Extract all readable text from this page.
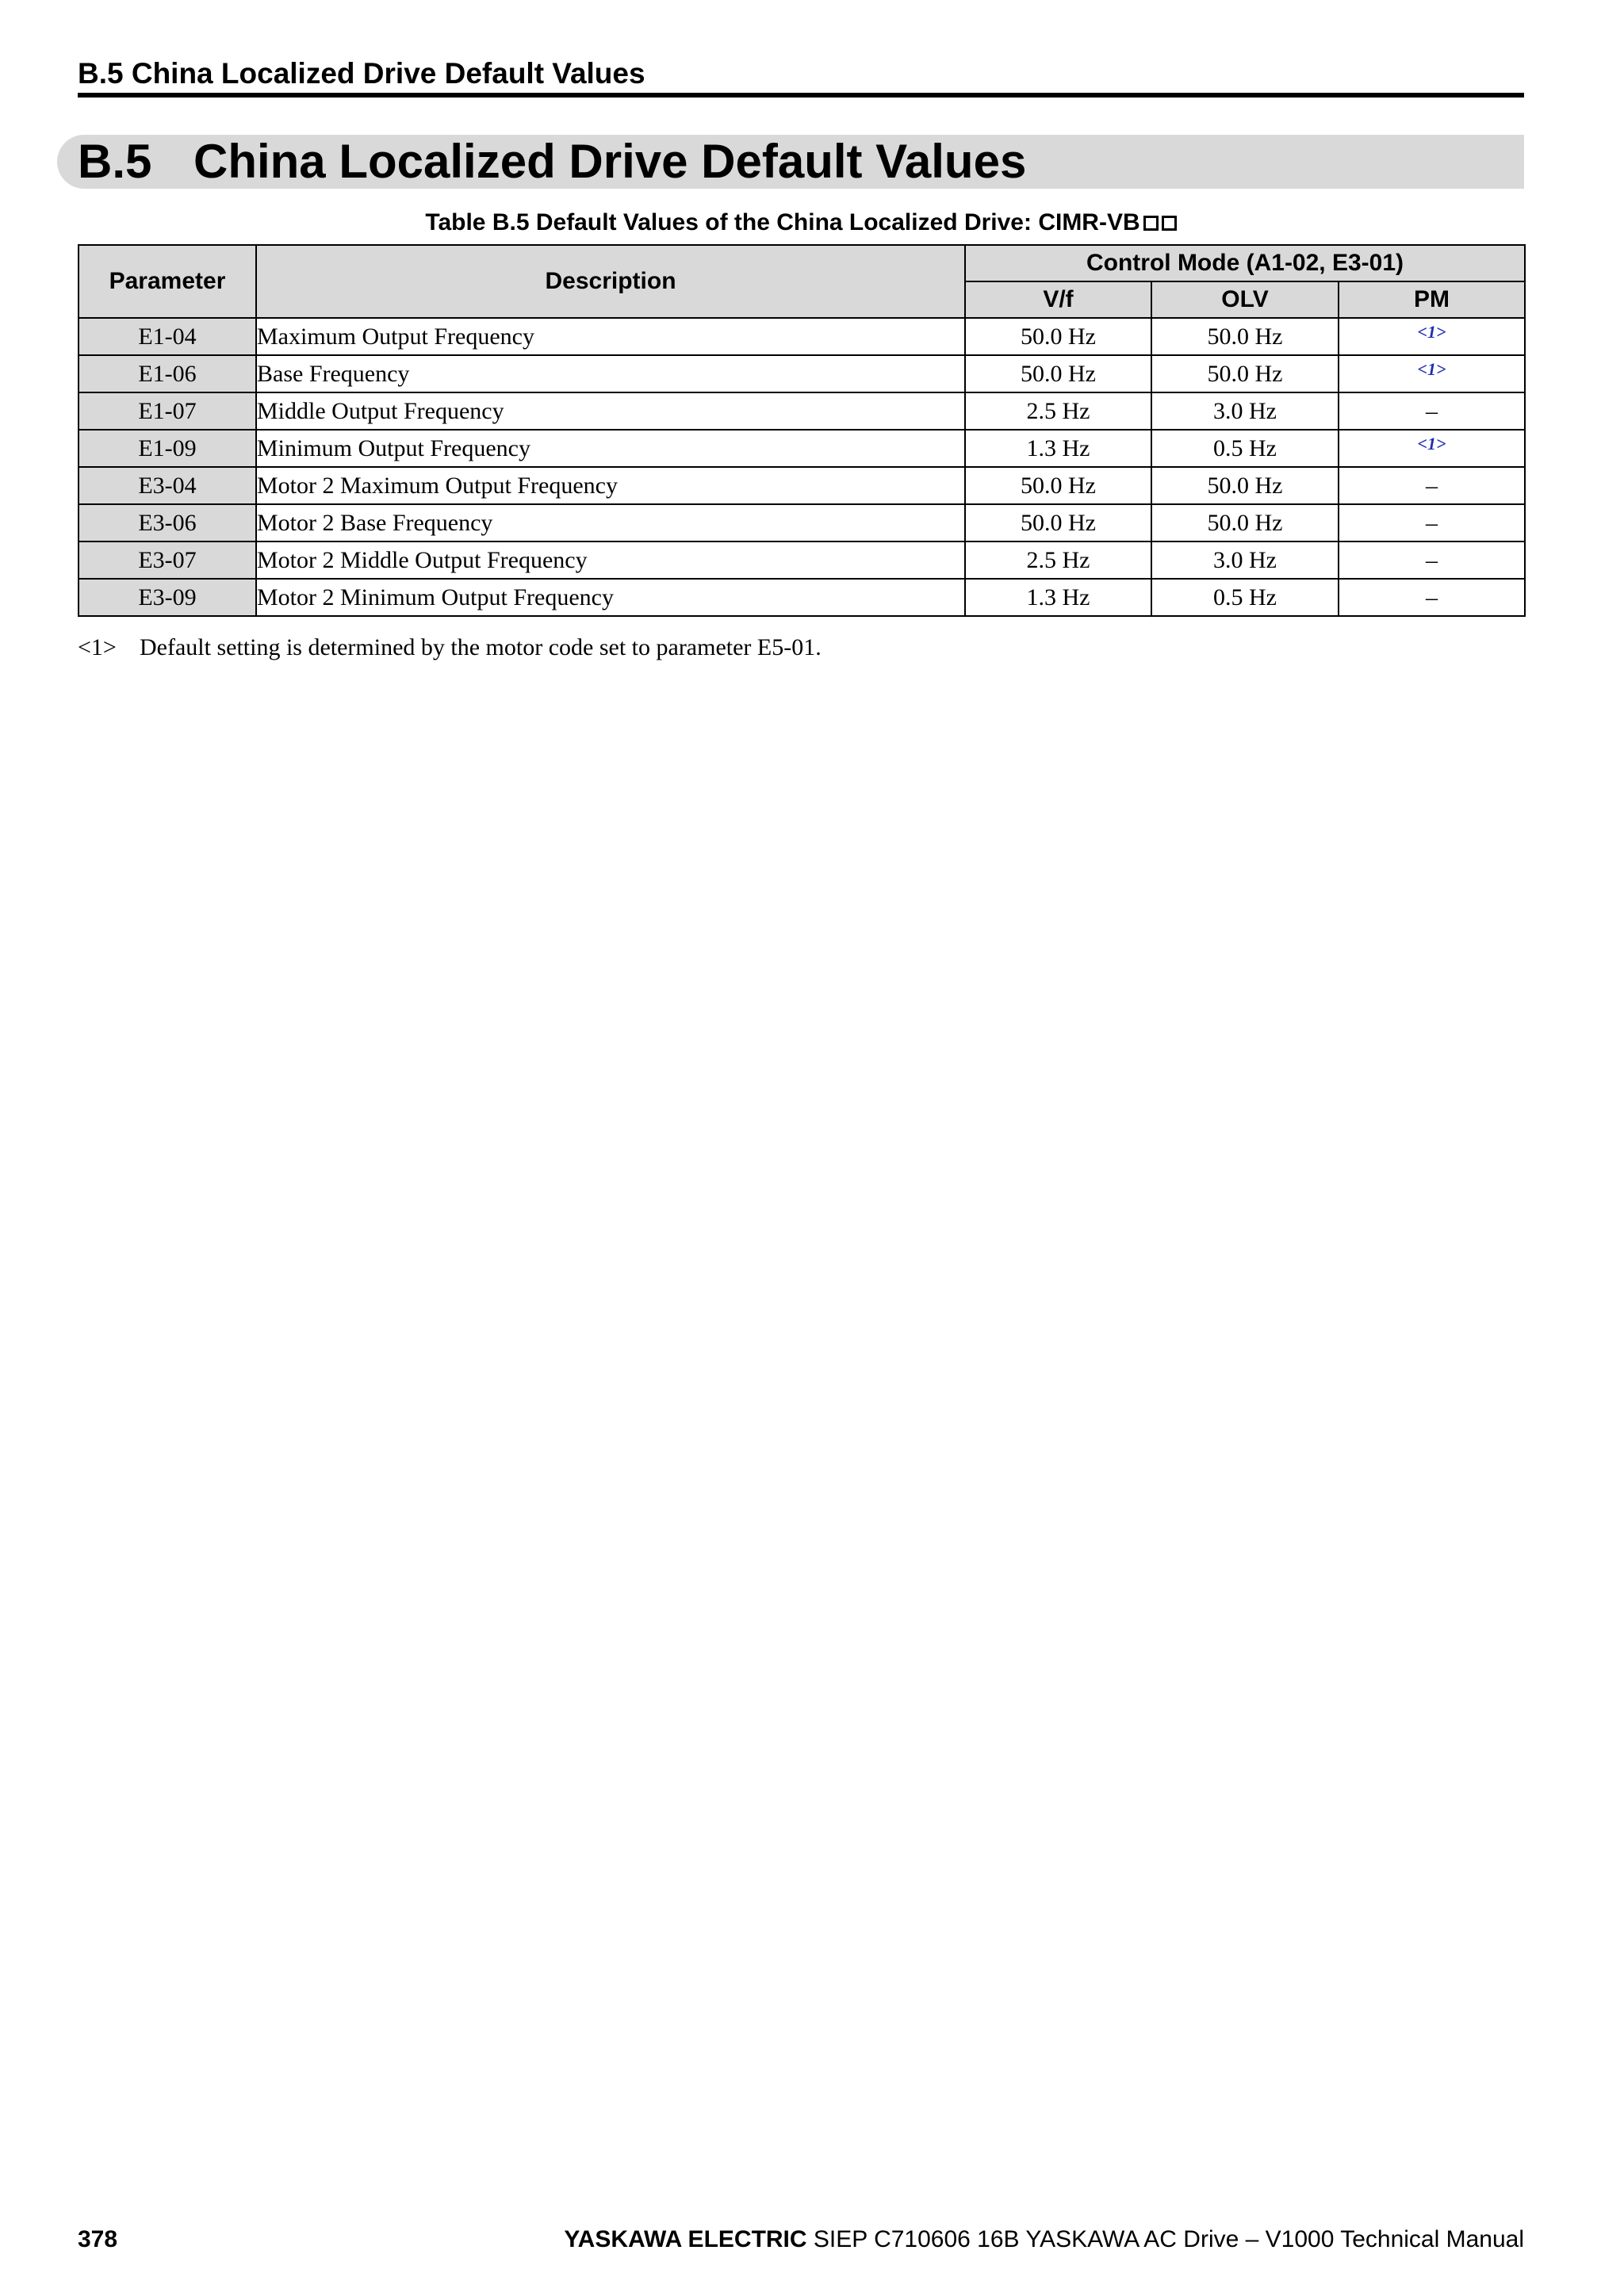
B.5 China Localized Drive Default Values
B.5 China Localized Drive Default Values
Table B.5 Default Values of the China Localized Drive: CIMR-VB
Parameter	Description	Control Mode (A1-02, E3-01)		
		V/f	OLV	PM
E1-04	Maximum Output Frequency	50.0 Hz	50.0 Hz	$^{<1>}$
E1-06	Base Frequency	50.0 Hz	50.0 Hz	$^{<1>}$
E1-07	Middle Output Frequency	2.5 Hz	3.0 Hz	–
E1-09	Minimum Output Frequency	1.3 Hz	0.5 Hz	$^{<1>}$
E3-04	Motor 2 Maximum Output Frequency	50.0 Hz	50.0 Hz	–
E3-06	Motor 2 Base Frequency	50.0 Hz	50.0 Hz	–
E3-07	Motor 2 Middle Output Frequency	2.5 Hz	3.0 Hz	–
E3-09	Motor 2 Minimum Output Frequency	1.3 Hz	0.5 Hz	–
<1> Default setting is determined by the motor code set to parameter E5-01.
378	YASKAWA ELECTRIC SIEP C710606 16B YASKAWA AC Drive – V1000 Technical Manual
